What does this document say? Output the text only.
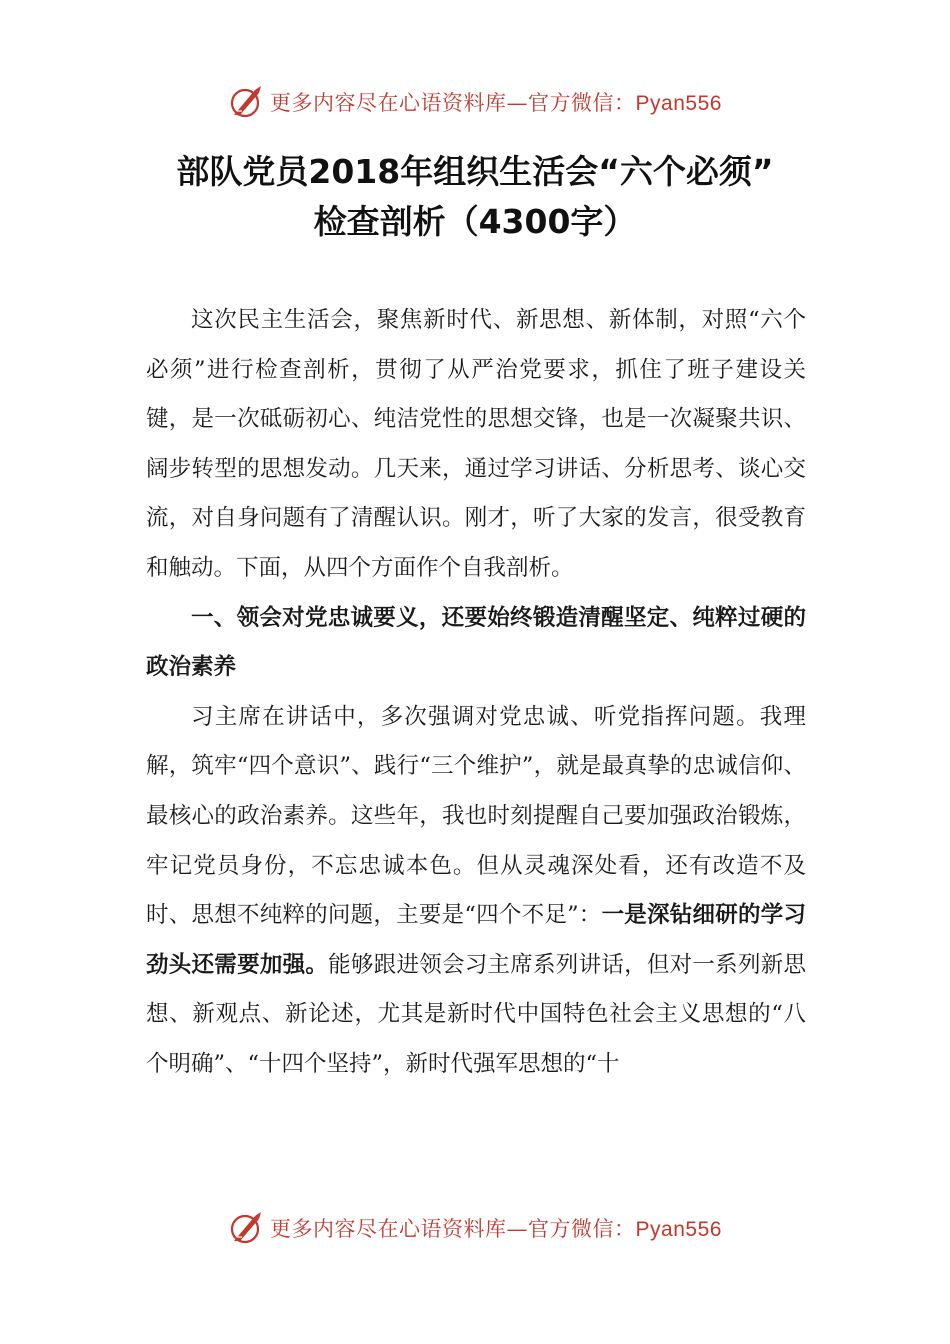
更多内容尽在心语资料库—官方微信：Pyan556
部队党员2018年组织生活会“六个必须”
检查剖析（4300字）

这次民主生活会，聚焦新时代、新思想、新体制，对照“六个必须”进行检查剖析，贯彻了从严治党要求，抓住了班子建设关键，是一次砥砺初心、纯洁党性的思想交锋，也是一次凝聚共识、阔步转型的思想发动。几天来，通过学习讲话、分析思考、谈心交流，对自身问题有了清醒认识。刚才，听了大家的发言，很受教育和触动。下面，从四个方面作个自我剖析。

一、领会对党忠诚要义，还要始终锻造清醒坚定、纯粹过硬的政治素养

习主席在讲话中，多次强调对党忠诚、听党指挥问题。我理解，筑牢“四个意识”、践行“三个维护”，就是最真挚的忠诚信仰、最核心的政治素养。这些年，我也时刻提醒自己要加强政治锻炼，牢记党员身份，不忘忠诚本色。但从灵魂深处看，还有改造不及时、思想不纯粹的问题，主要是“四个不足”：一是深钻细研的学习劲头还需要加强。能够跟进领会习主席系列讲话，但对一系列新思想、新观点、新论述，尤其是新时代中国特色社会主义思想的“八个明确”、“十四个坚持”，新时代强军思想的“十

更多内容尽在心语资料库—官方微信：Pyan556
